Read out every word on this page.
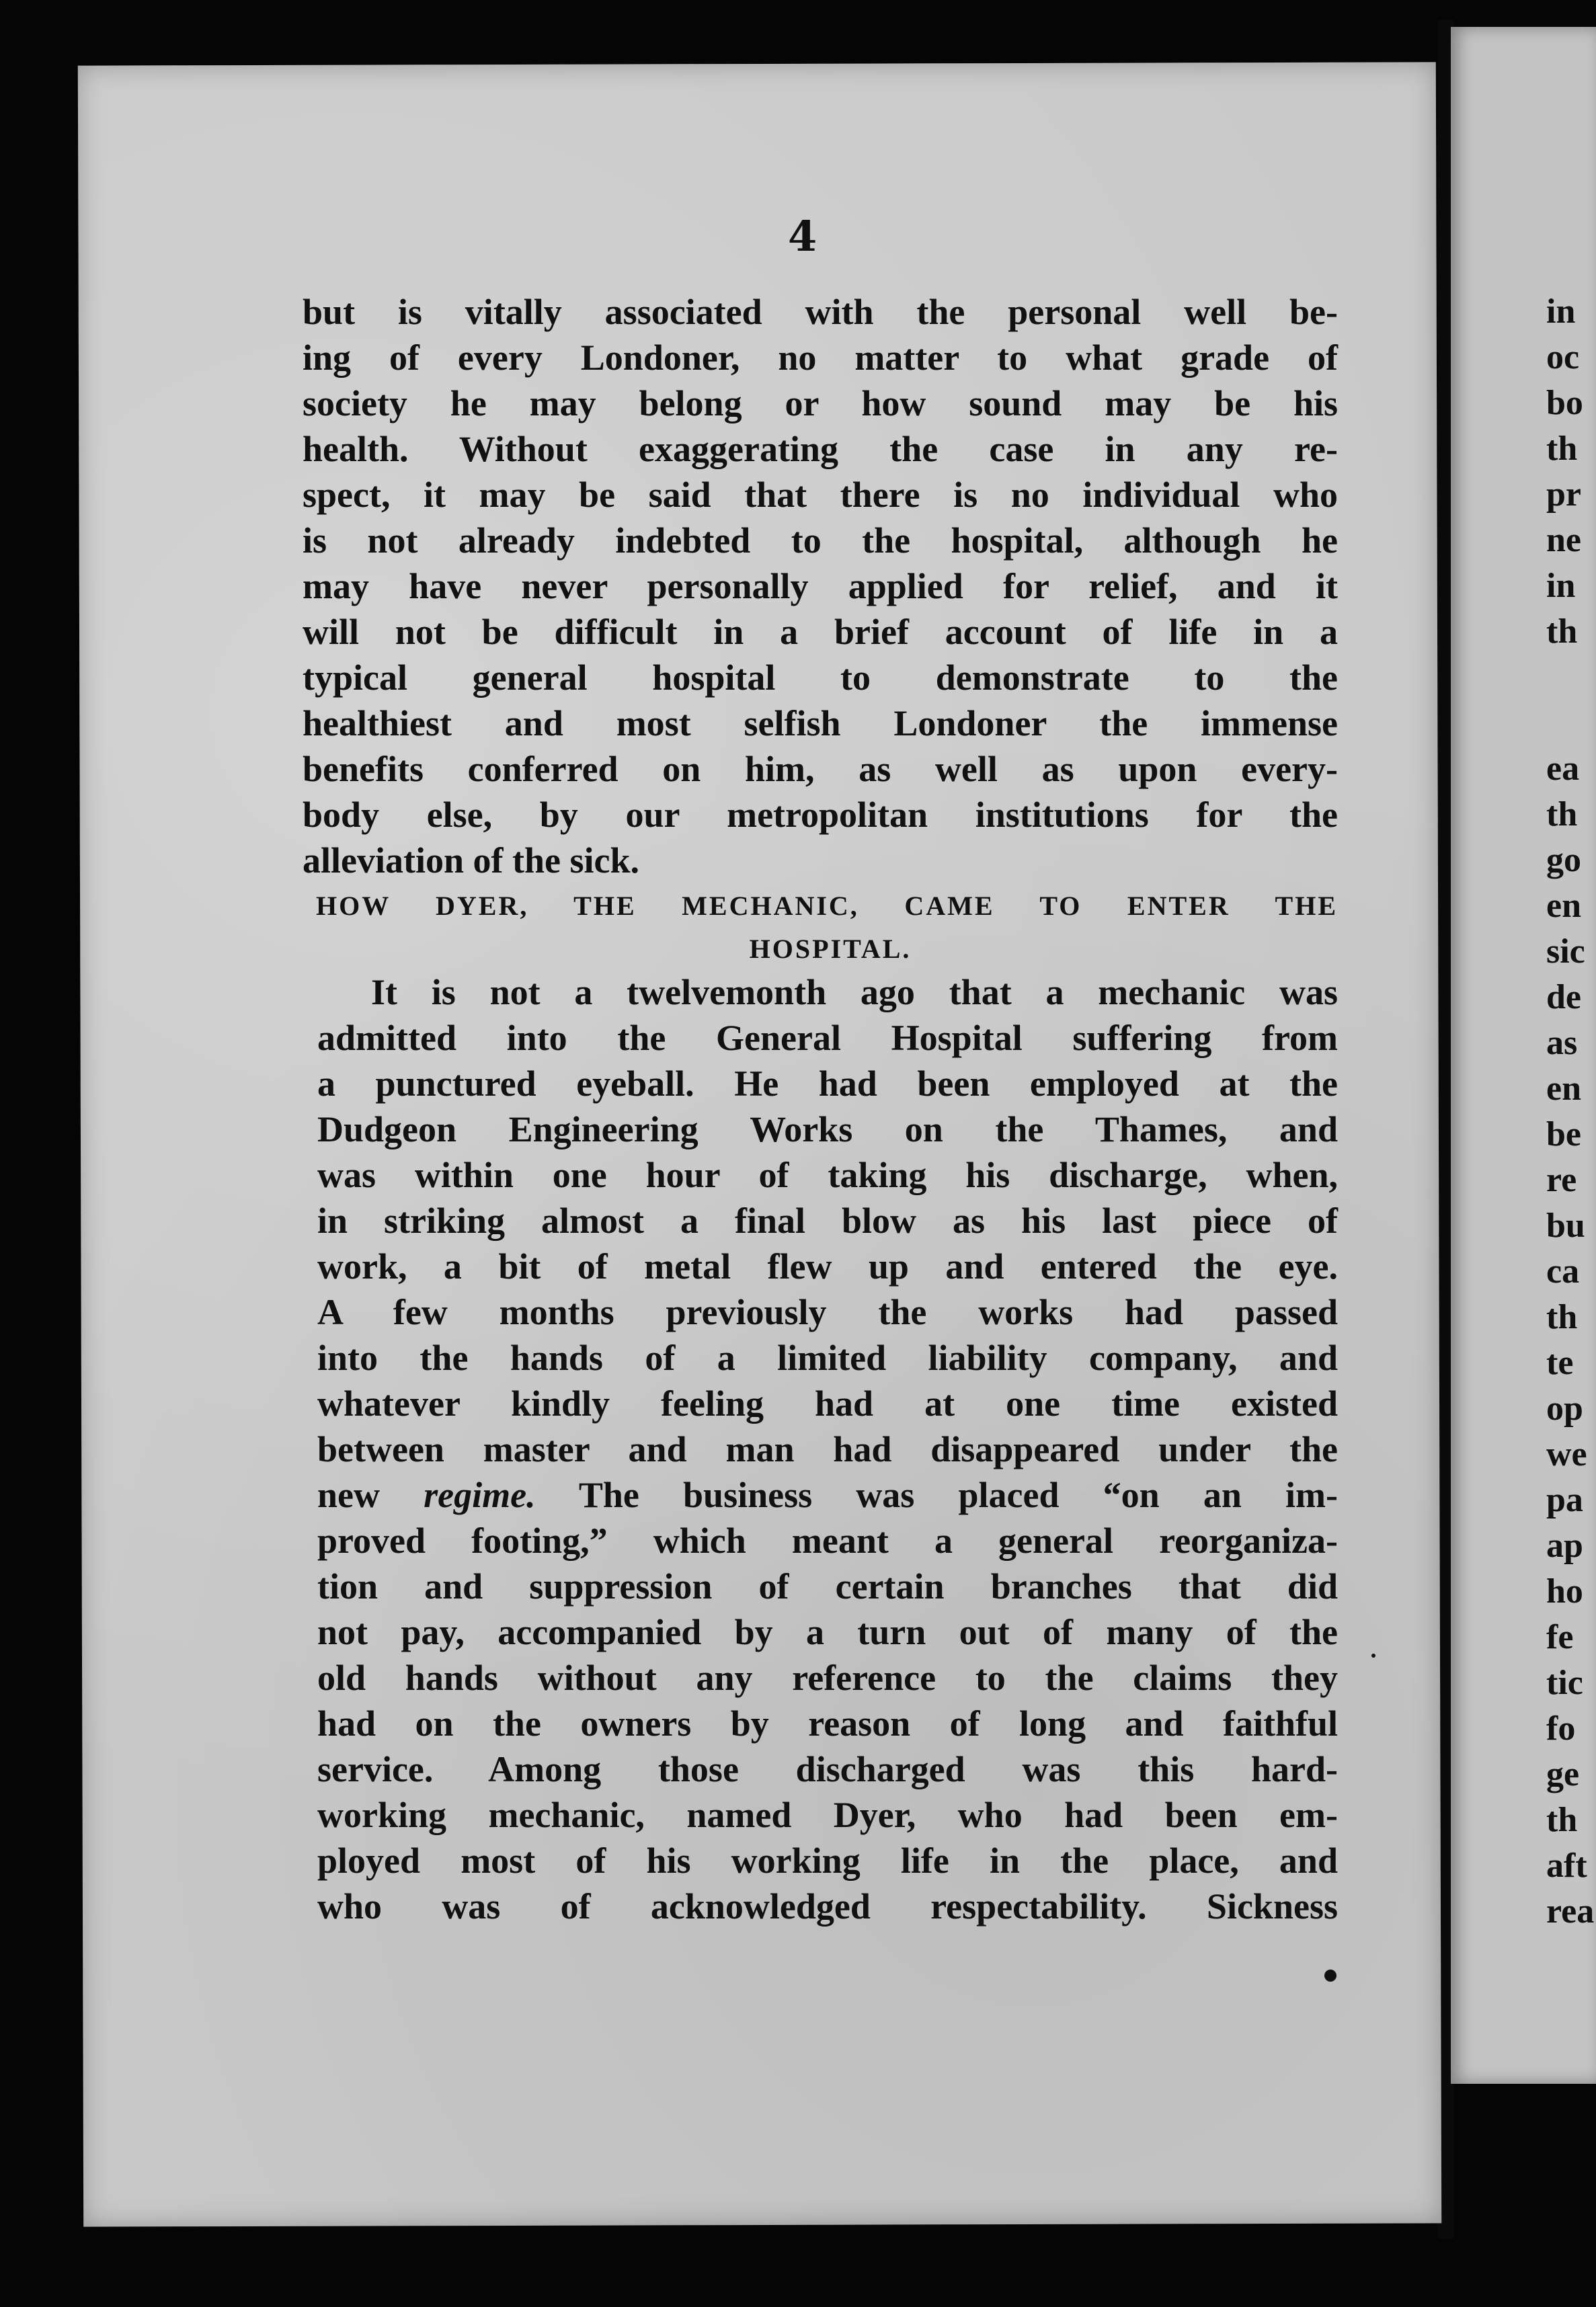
in
oc
bo
th
pr
ne
in
th
ea
th
go
en
sic
de
as
en
be
re
bu
ca
th
te
op
we
pa
ap
ho
fe
tic
fo
ge
th
aft
rea
4
but is vitally associated with the personal well be-
ing of every Londoner, no matter to what grade of
society he may belong or how sound may be his
health. Without exaggerating the case in any re-
spect, it may be said that there is no individual who
is not already indebted to the hospital, although he
may have never personally applied for relief, and it
will not be difficult in a brief account of life in a
typical general hospital to demonstrate to the
healthiest and most selfish Londoner the immense
benefits conferred on him, as well as upon every-
body else, by our metropolitan institutions for the
alleviation of the sick.
HOW DYER, THE MECHANIC, CAME TO ENTER THE
HOSPITAL.
It is not a twelvemonth ago that a mechanic was
admitted into the General Hospital suffering from
a punctured eyeball. He had been employed at the
Dudgeon Engineering Works on the Thames, and
was within one hour of taking his discharge, when,
in striking almost a final blow as his last piece of
work, a bit of metal flew up and entered the eye.
A few months previously the works had passed
into the hands of a limited liability company, and
whatever kindly feeling had at one time existed
between master and man had disappeared under the
new regime. The business was placed “on an im-
proved footing,” which meant a general reorganiza-
tion and suppression of certain branches that did
not pay, accompanied by a turn out of many of the
old hands without any reference to the claims they
had on the owners by reason of long and faithful
service. Among those discharged was this hard-
working mechanic, named Dyer, who had been em-
ployed most of his working life in the place, and
who was of acknowledged respectability. Sickness
